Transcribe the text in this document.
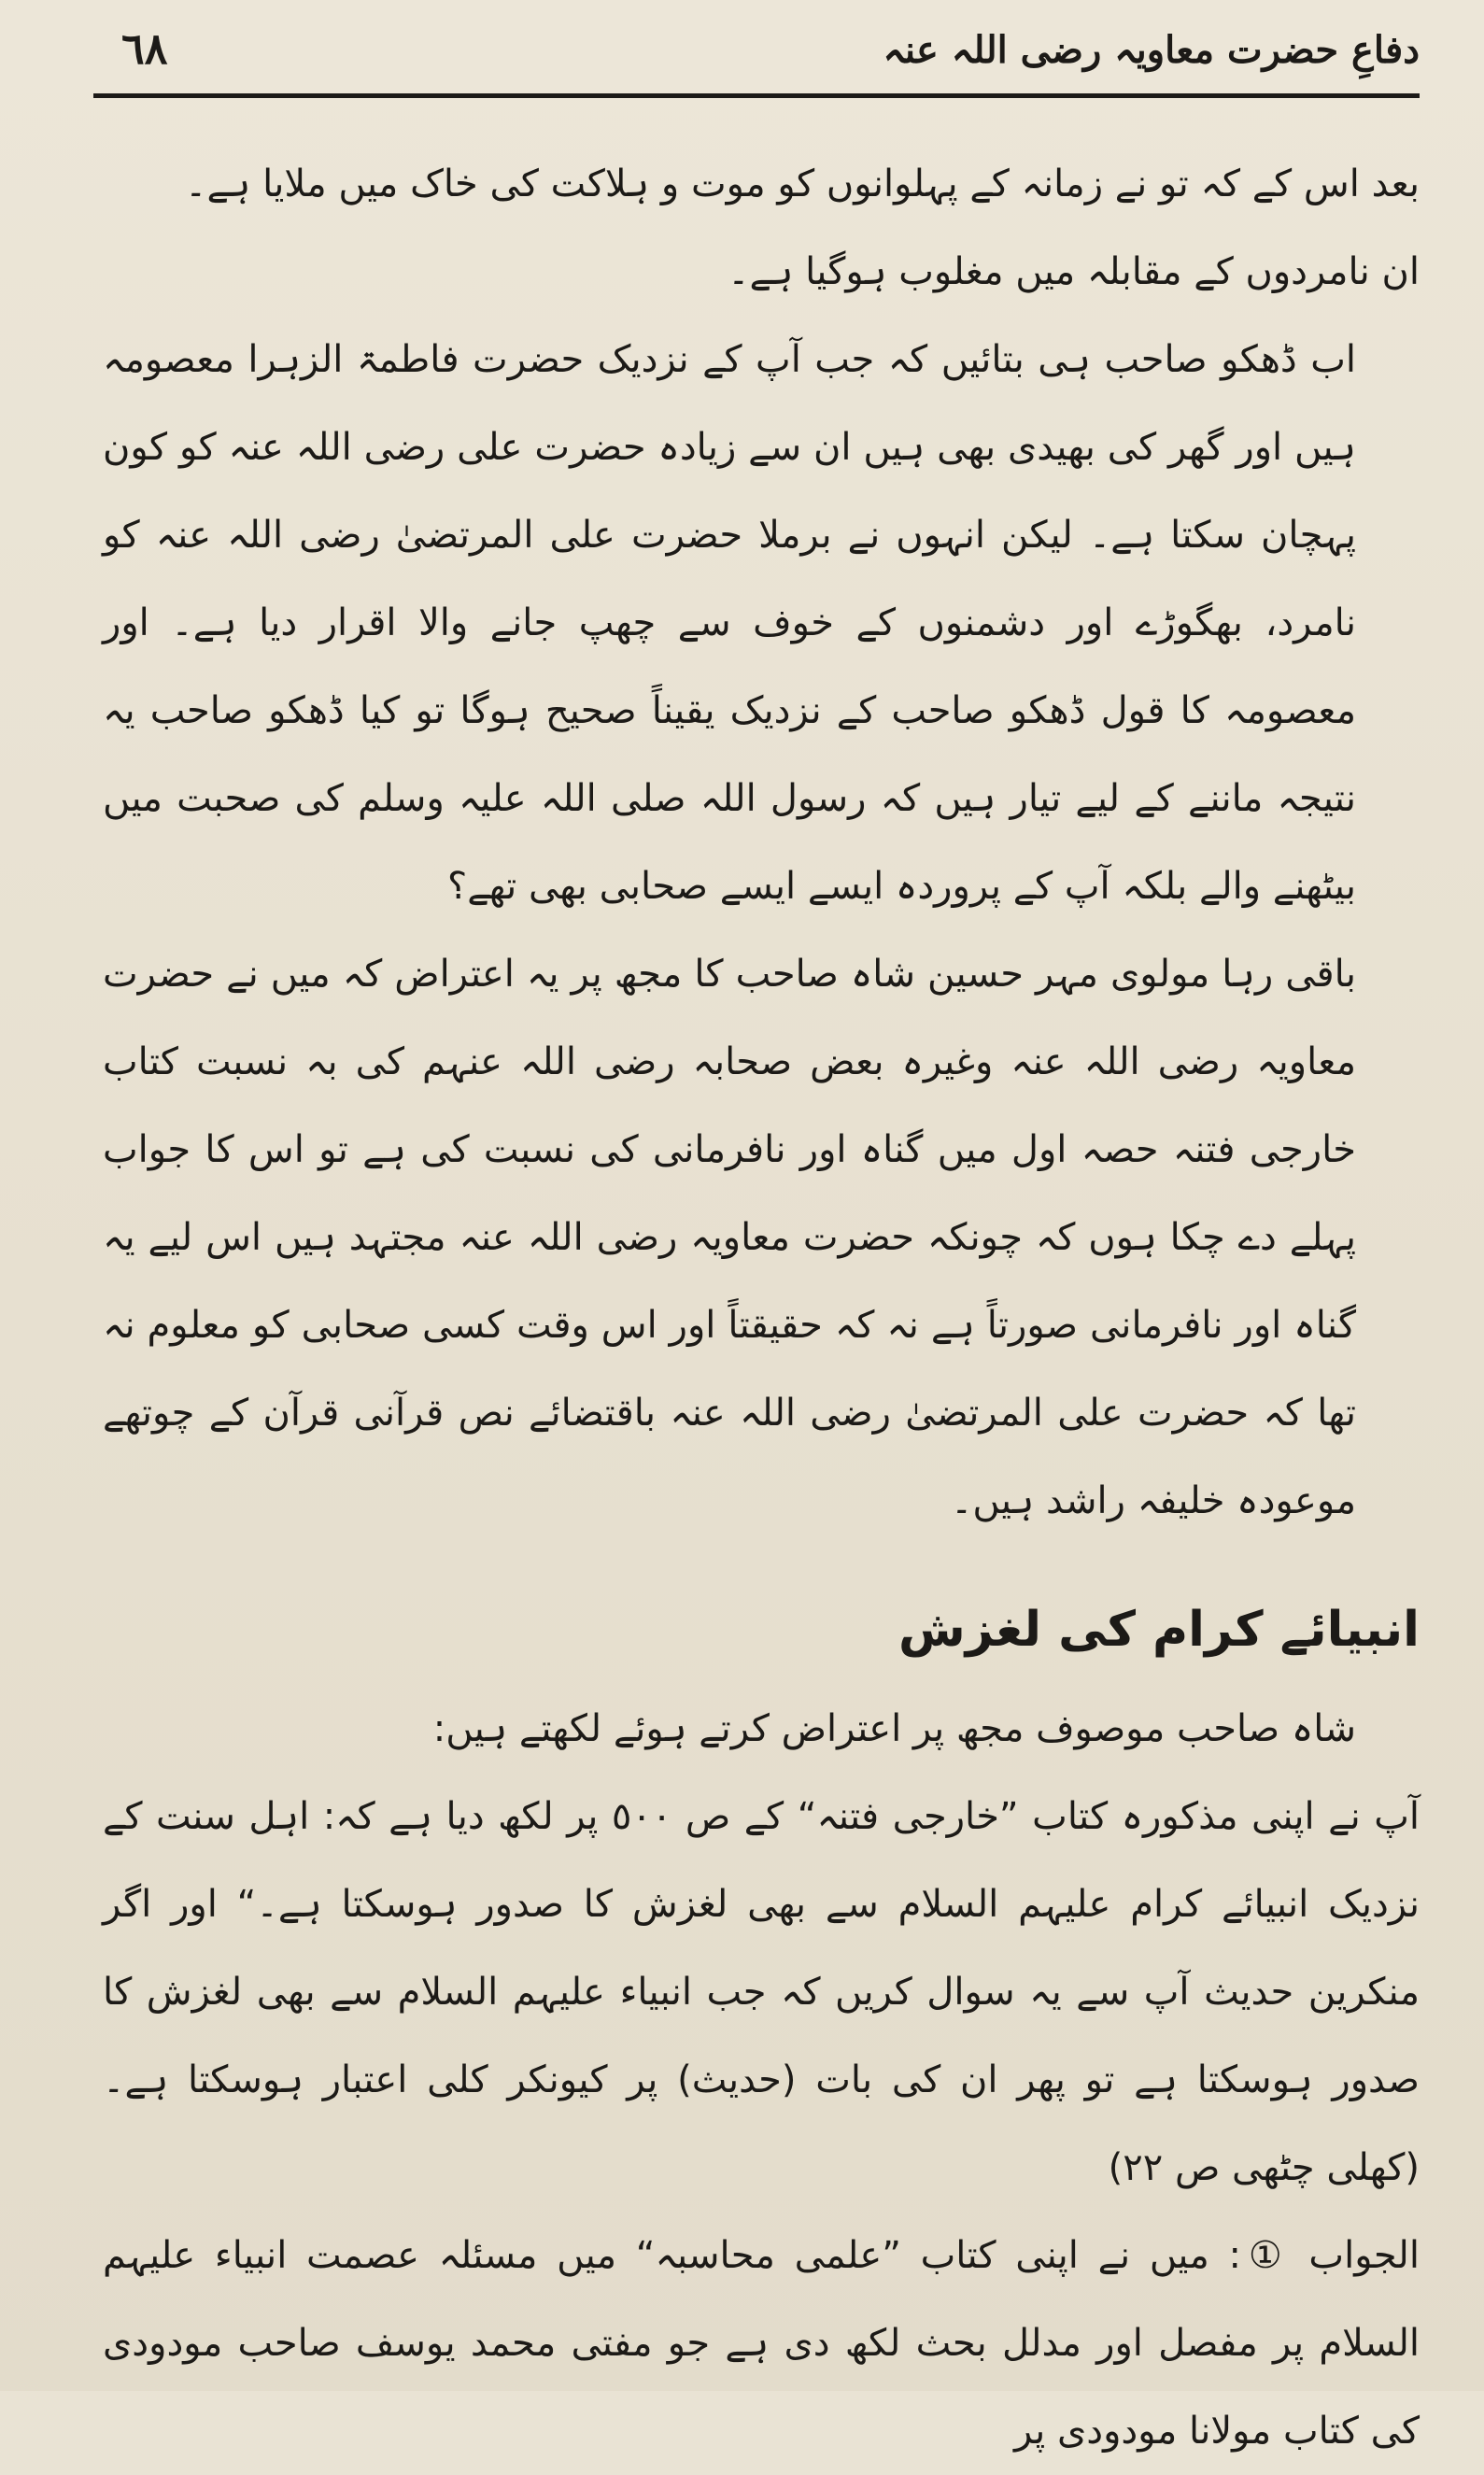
٦٨	دفاعِ حضرت معاویہ رضی اللہ عنہ

بعد اس کے کہ تو نے زمانہ کے پہلوانوں کو موت و ہلاکت کی خاک میں ملایا ہے۔

ان نامردوں کے مقابلہ میں مغلوب ہوگیا ہے۔

اب ڈھکو صاحب ہی بتائیں کہ جب آپ کے نزدیک حضرت فاطمۃ الزہرا معصومہ ہیں اور گھر کی بھیدی بھی ہیں ان سے زیادہ حضرت علی رضی اللہ عنہ کو کون پہچان سکتا ہے۔ لیکن انہوں نے برملا حضرت علی المرتضیٰ رضی اللہ عنہ کو نامرد، بھگوڑے اور دشمنوں کے خوف سے چھپ جانے والا اقرار دیا ہے۔ اور معصومہ کا قول ڈھکو صاحب کے نزدیک یقیناً صحیح ہوگا تو کیا ڈھکو صاحب یہ نتیجہ ماننے کے لیے تیار ہیں کہ رسول اللہ صلی اللہ علیہ وسلم کی صحبت میں بیٹھنے والے بلکہ آپ کے پروردہ ایسے ایسے صحابی بھی تھے؟

باقی رہا مولوی مہر حسین شاہ صاحب کا مجھ پر یہ اعتراض کہ میں نے حضرت معاویہ رضی اللہ عنہ وغیرہ بعض صحابہ رضی اللہ عنہم کی بہ نسبت کتاب خارجی فتنہ حصہ اول میں گناہ اور نافرمانی کی نسبت کی ہے تو اس کا جواب پہلے دے چکا ہوں کہ چونکہ حضرت معاویہ رضی اللہ عنہ مجتہد ہیں اس لیے یہ گناہ اور نافرمانی صورتاً ہے نہ کہ حقیقتاً اور اس وقت کسی صحابی کو معلوم نہ تھا کہ حضرت علی المرتضیٰ رضی اللہ عنہ باقتضائے نص قرآنی قرآن کے چوتھے موعودہ خلیفہ راشد ہیں۔

انبیائے کرام کی لغزش

شاہ صاحب موصوف مجھ پر اعتراض کرتے ہوئے لکھتے ہیں:

آپ نے اپنی مذکورہ کتاب ”خارجی فتنہ“ کے ص ٥٠٠ پر لکھ دیا ہے کہ: اہل سنت کے نزدیک انبیائے کرام علیہم السلام سے بھی لغزش کا صدور ہوسکتا ہے۔“ اور اگر منکرین حدیث آپ سے یہ سوال کریں کہ جب انبیاء علیہم السلام سے بھی لغزش کا صدور ہوسکتا ہے تو پھر ان کی بات (حدیث) پر کیونکر کلی اعتبار ہوسکتا ہے۔ (کھلی چٹھی ص ٢٢)

الجواب ①: میں نے اپنی کتاب ”علمی محاسبہ“ میں مسئلہ عصمت انبیاء علیہم السلام پر مفصل اور مدلل بحث لکھ دی ہے جو مفتی محمد یوسف صاحب مودودی کی کتاب مولانا مودودی پر
